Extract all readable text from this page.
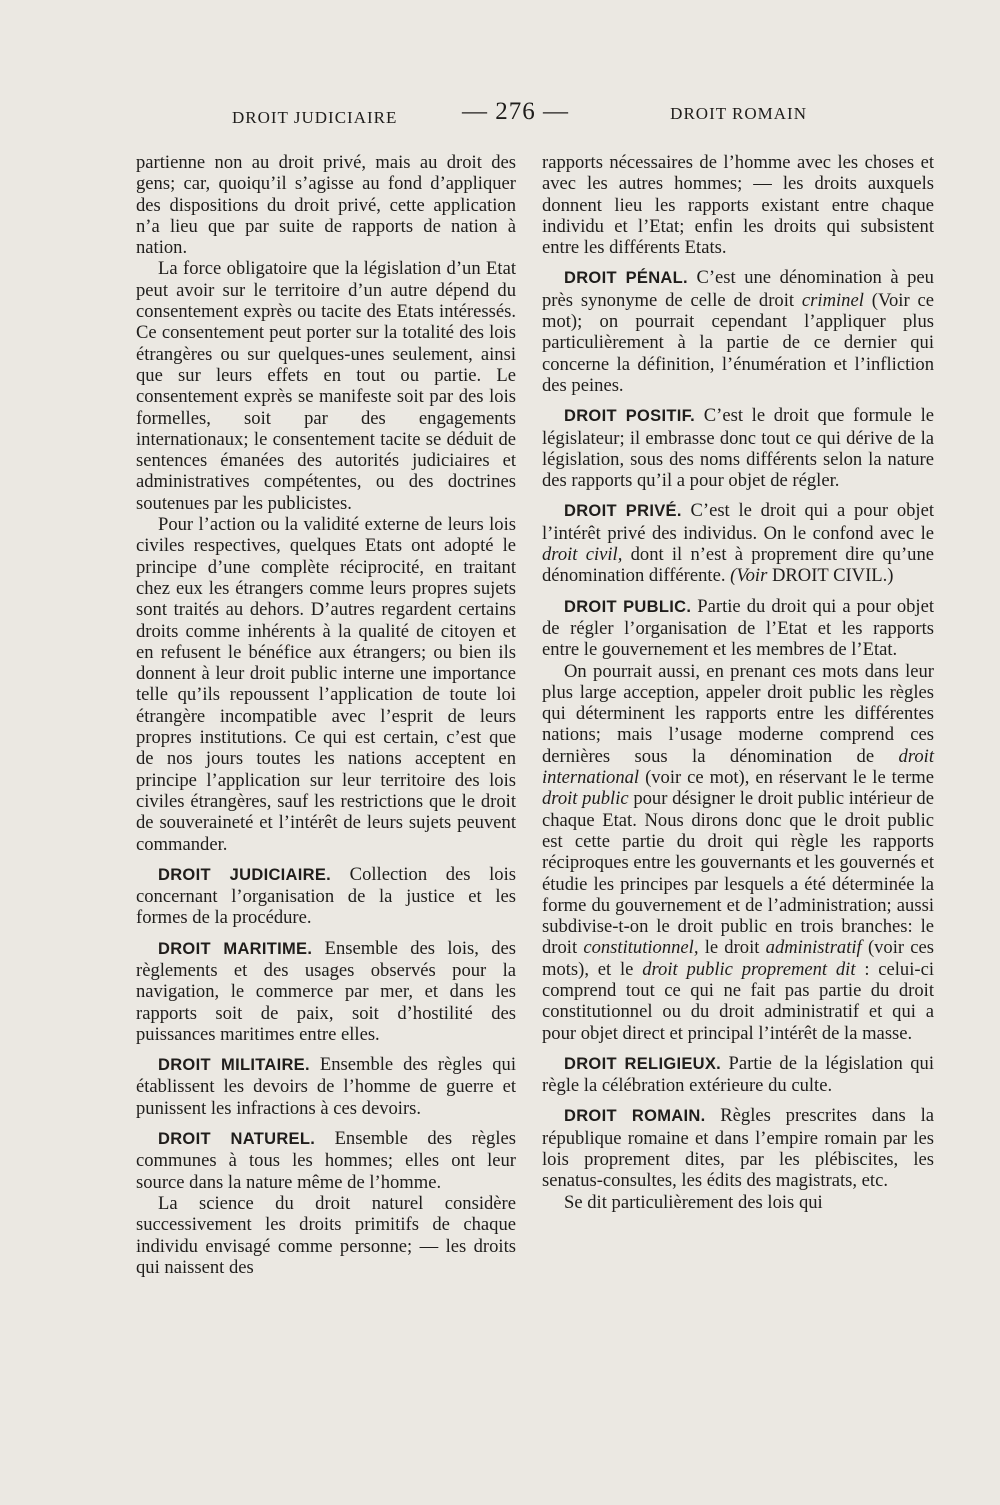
DROIT JUDICIAIRE	— 276 —	DROIT ROMAIN

partienne non au droit privé, mais au droit des gens; car, quoiqu’il s’agisse au fond d’appliquer des dispositions du droit privé, cette application n’a lieu que par suite de rapports de nation à nation.

La force obligatoire que la législation d’un Etat peut avoir sur le territoire d’un autre dépend du consentement exprès ou tacite des Etats intéressés. Ce consentement peut porter sur la totalité des lois étrangères ou sur quelques-unes seulement, ainsi que sur leurs effets en tout ou partie. Le consentement exprès se manifeste soit par des lois formelles, soit par des engagements internationaux; le consentement tacite se déduit de sentences émanées des autorités judiciaires et administratives compétentes, ou des doctrines soutenues par les publicistes.

Pour l’action ou la validité externe de leurs lois civiles respectives, quelques Etats ont adopté le principe d’une complète réciprocité, en traitant chez eux les étrangers comme leurs propres sujets sont traités au dehors. D’autres regardent certains droits comme inhérents à la qualité de citoyen et en refusent le bénéfice aux étrangers; ou bien ils donnent à leur droit public interne une importance telle qu’ils repoussent l’application de toute loi étrangère incompatible avec l’esprit de leurs propres institutions. Ce qui est certain, c’est que de nos jours toutes les nations acceptent en principe l’application sur leur territoire des lois civiles étrangères, sauf les restrictions que le droit de souveraineté et l’intérêt de leurs sujets peuvent commander.

DROIT JUDICIAIRE. Collection des lois concernant l’organisation de la justice et les formes de la procédure.

DROIT MARITIME. Ensemble des lois, des règlements et des usages observés pour la navigation, le commerce par mer, et dans les rapports soit de paix, soit d’hostilité des puissances maritimes entre elles.

DROIT MILITAIRE. Ensemble des règles qui établissent les devoirs de l’homme de guerre et punissent les infractions à ces devoirs.

DROIT NATUREL. Ensemble des règles communes à tous les hommes; elles ont leur source dans la nature même de l’homme.

La science du droit naturel considère successivement les droits primitifs de chaque individu envisagé comme personne; — les droits qui naissent des

rapports nécessaires de l’homme avec les choses et avec les autres hommes; — les droits auxquels donnent lieu les rapports existant entre chaque individu et l’Etat; enfin les droits qui subsistent entre les différents Etats.

DROIT PÉNAL. C’est une dénomination à peu près synonyme de celle de droit criminel (Voir ce mot); on pourrait cependant l’appliquer plus particulièrement à la partie de ce dernier qui concerne la définition, l’énumération et l’infliction des peines.

DROIT POSITIF. C’est le droit que formule le législateur; il embrasse donc tout ce qui dérive de la législation, sous des noms différents selon la nature des rapports qu’il a pour objet de régler.

DROIT PRIVÉ. C’est le droit qui a pour objet l’intérêt privé des individus. On le confond avec le droit civil, dont il n’est à proprement dire qu’une dénomination différente. (Voir DROIT CIVIL.)

DROIT PUBLIC. Partie du droit qui a pour objet de régler l’organisation de l’Etat et les rapports entre le gouvernement et les membres de l’Etat.

On pourrait aussi, en prenant ces mots dans leur plus large acception, appeler droit public les règles qui déterminent les rapports entre les différentes nations; mais l’usage moderne comprend ces dernières sous la dénomination de droit international (voir ce mot), en réservant le le terme droit public pour désigner le droit public intérieur de chaque Etat. Nous dirons donc que le droit public est cette partie du droit qui règle les rapports réciproques entre les gouvernants et les gouvernés et étudie les principes par lesquels a été déterminée la forme du gouvernement et de l’administration; aussi subdivise-t-on le droit public en trois branches: le droit constitutionnel, le droit administratif (voir ces mots), et le droit public proprement dit : celui-ci comprend tout ce qui ne fait pas partie du droit constitutionnel ou du droit administratif et qui a pour objet direct et principal l’intérêt de la masse.

DROIT RELIGIEUX. Partie de la législation qui règle la célébration extérieure du culte.

DROIT ROMAIN. Règles prescrites dans la république romaine et dans l’empire romain par les lois proprement dites, par les plébiscites, les senatus-consultes, les édits des magistrats, etc.

Se dit particulièrement des lois qui
